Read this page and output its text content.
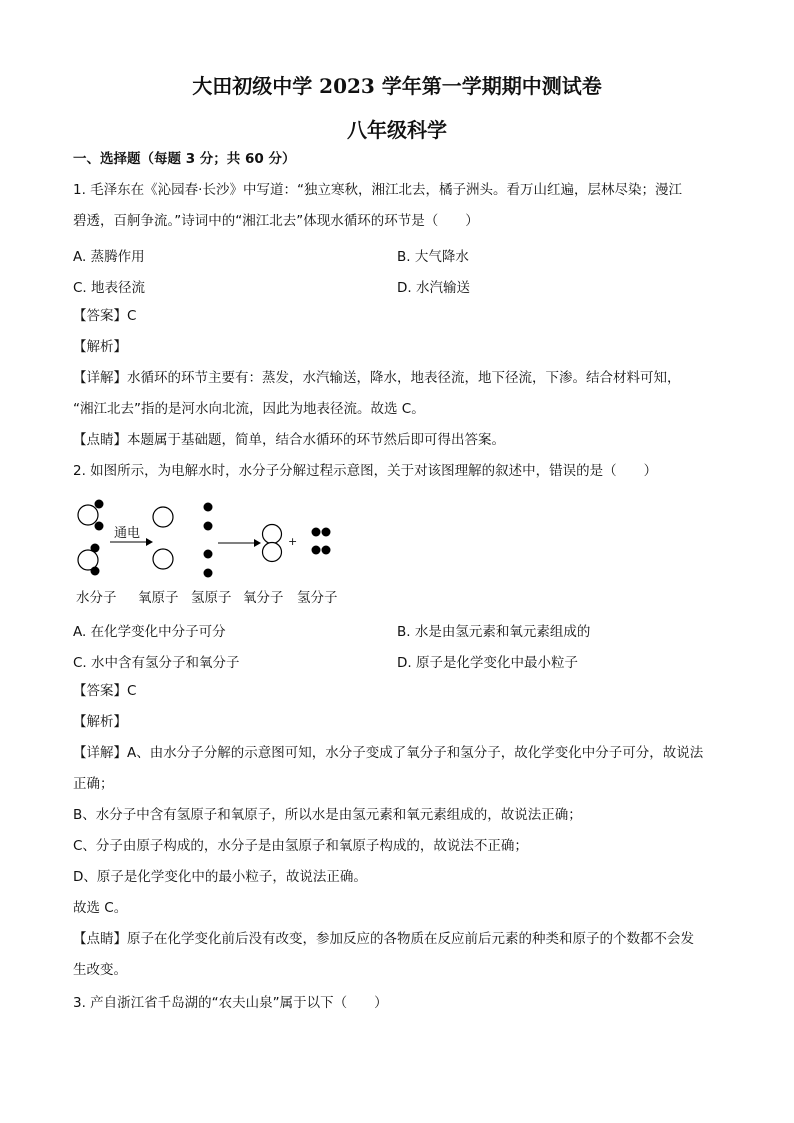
大田初级中学 2023 学年第一学期期中测试卷
八年级科学
一、选择题（每题 3 分；共 60 分）
1. 毛泽东在《沁园春·长沙》中写道：“独立寒秋，湘江北去，橘子洲头。看万山红遍，层林尽染；漫江
碧透，百舸争流。”诗词中的“湘江北去”体现水循环的环节是（　　）
A. 蒸腾作用	B. 大气降水
C. 地表径流	D. 水汽输送
【答案】C
【解析】
【详解】水循环的环节主要有：蒸发，水汽输送，降水，地表径流，地下径流，下渗。结合材料可知，
“湘江北去”指的是河水向北流，因此为地表径流。故选 C。
【点睛】本题属于基础题，简单，结合水循环的环节然后即可得出答案。
2. 如图所示，为电解水时，水分子分解过程示意图，关于对该图理解的叙述中，错误的是（　　）
通电
+
水分子 氧原子 氢原子 氧分子 氢分子
A. 在化学变化中分子可分	B. 水是由氢元素和氧元素组成的
C. 水中含有氢分子和氧分子	D. 原子是化学变化中最小粒子
【答案】C
【解析】
【详解】A、由水分子分解的示意图可知，水分子变成了氧分子和氢分子，故化学变化中分子可分，故说法
正确；
B、水分子中含有氢原子和氧原子，所以水是由氢元素和氧元素组成的，故说法正确；
C、分子由原子构成的，水分子是由氢原子和氧原子构成的，故说法不正确；
D、原子是化学变化中的最小粒子，故说法正确。
故选 C。
【点睛】原子在化学变化前后没有改变，参加反应的各物质在反应前后元素的种类和原子的个数都不会发
生改变。
3. 产自浙江省千岛湖的“农夫山泉”属于以下（　　）
